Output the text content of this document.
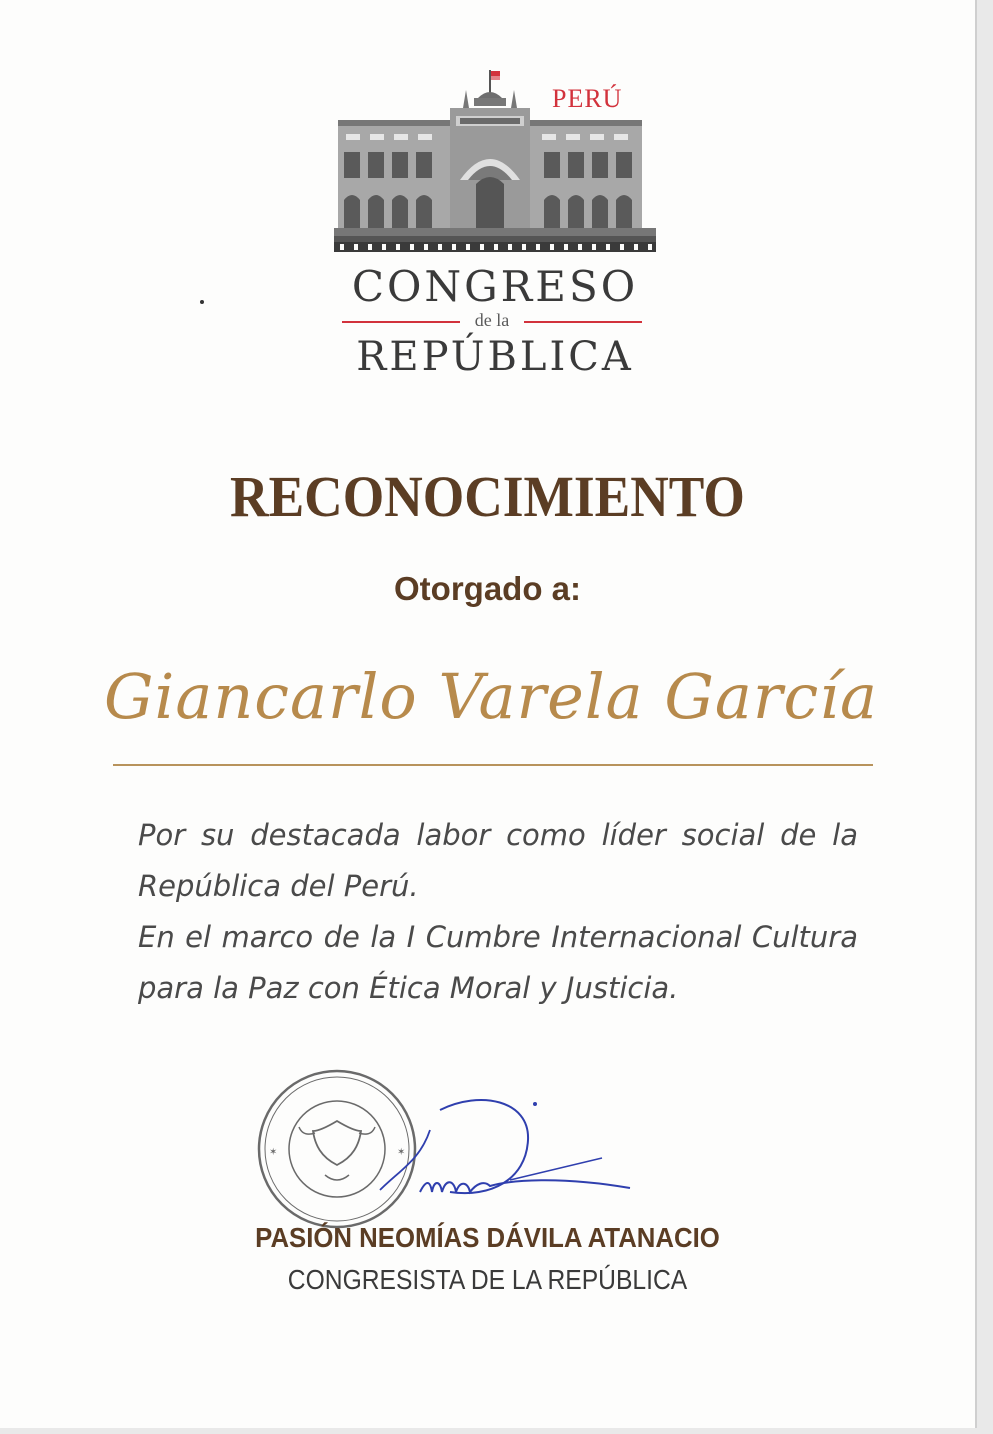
PERÚ
CONGRESO
de la
REPÚBLICA
RECONOCIMIENTO
Otorgado a:
Giancarlo Varela García

Por su destacada labor como líder social de la República del Perú.

En el marco de la I Cumbre Internacional Cultura para la Paz con Ética Moral y Justicia.

✶	✶
PASIÓN NEOMÍAS DÁVILA ATANACIO
CONGRESISTA DE LA REPÚBLICA
